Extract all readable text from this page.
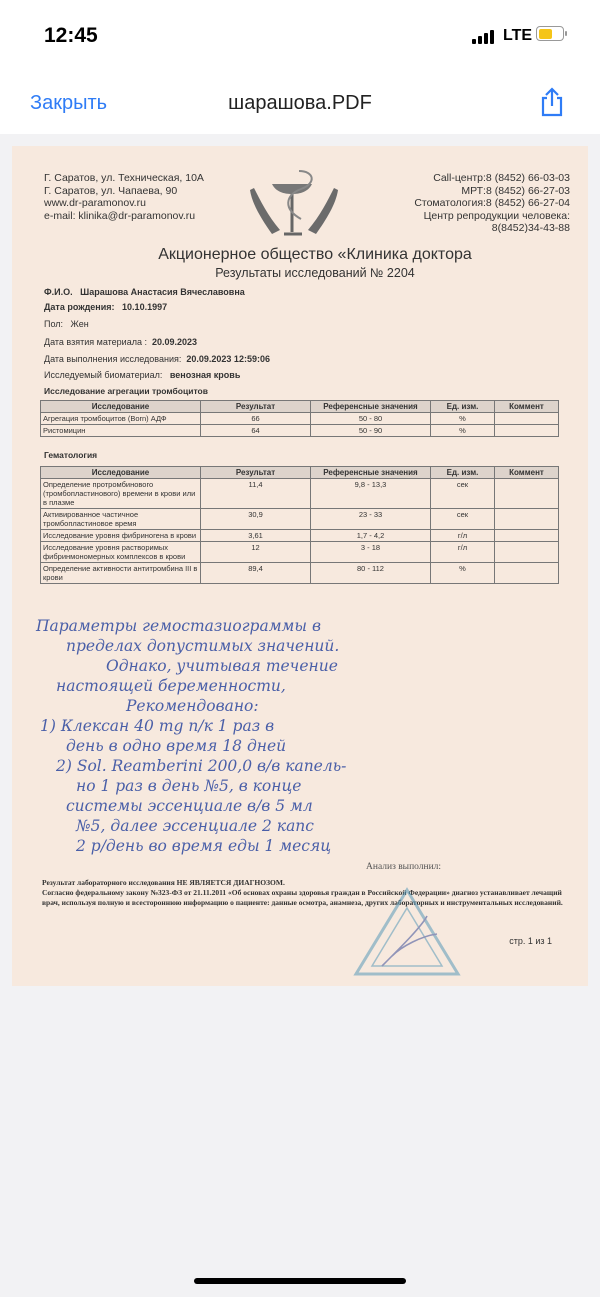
12:45	LTE
шарашова.PDF
Закрыть
Г. Саратов, ул. Техническая, 10А
Г. Саратов, ул. Чапаева, 90
www.dr-paramonov.ru
e-mail: klinika@dr-paramonov.ru
Call-центр:8 (8452) 66-03-03
МРТ:8 (8452) 66-27-03
Стоматология:8 (8452) 66-27-04
Центр репродукции человека:
8(8452)34-43-88
Акционерное общество «Клиника доктора
Результаты исследований № 2204
Ф.И.О. Шарашова Анастасия Вячеславовна
Дата рождения: 10.10.1997
Пол: Жен
Дата взятия материала : 20.09.2023
Дата выполнения исследования: 20.09.2023 12:59:06
Исследуемый биоматериал: венозная кровь
Исследование агрегации тромбоцитов
Исследование	Результат	Референсные значения	Ед. изм.	Коммент
Агрегация тромбоцитов (Born) АДФ	66	50 - 80	%	
Ристомицин	64	50 - 90	%	
Гематология
Исследование	Результат	Референсные значения	Ед. изм.	Коммент
Определение протромбинового (тромбопластинового) времени в крови или в плазме	11,4	9,8 - 13,3	сек	
Активированное частичное тромбопластиновое время	30,9	23 - 33	сек	
Исследование уровня фибриногена в крови	3,61	1,7 - 4,2	г/л	
Исследование уровня растворимых фибринмономерных комплексов в крови	12	3 - 18	г/л	
Определение активности антитромбина III в крови	89,4	80 - 112	%	
Параметры гемостазиограммы в
пределах допустимых значений.
Однако, учитывая течение
настоящей беременности,
Рекомендовано:
1) Клексан 40 mg п/к 1 раз в
день в одно время 18 дней
2) Sol. Reamberini 200,0 в/в капель-
но 1 раз в день №5, в конце
системы эссенциале в/в 5 мл
№5, далее эссенциале 2 капс
2 р/день во время еды 1 месяц
Анализ выполнил:
Результат лабораторного исследования НЕ ЯВЛЯЕТСЯ ДИАГНОЗОМ.
Согласно федеральному закону №323-ФЗ от 21.11.2011 «Об основах охраны здоровья граждан в Российской Федерации» диагноз устанавливает лечащий врач, используя полную и всестороннюю информацию о пациенте: данные осмотра, анамнеза, других лабораторных и инструментальных исследований.
стр. 1 из 1
